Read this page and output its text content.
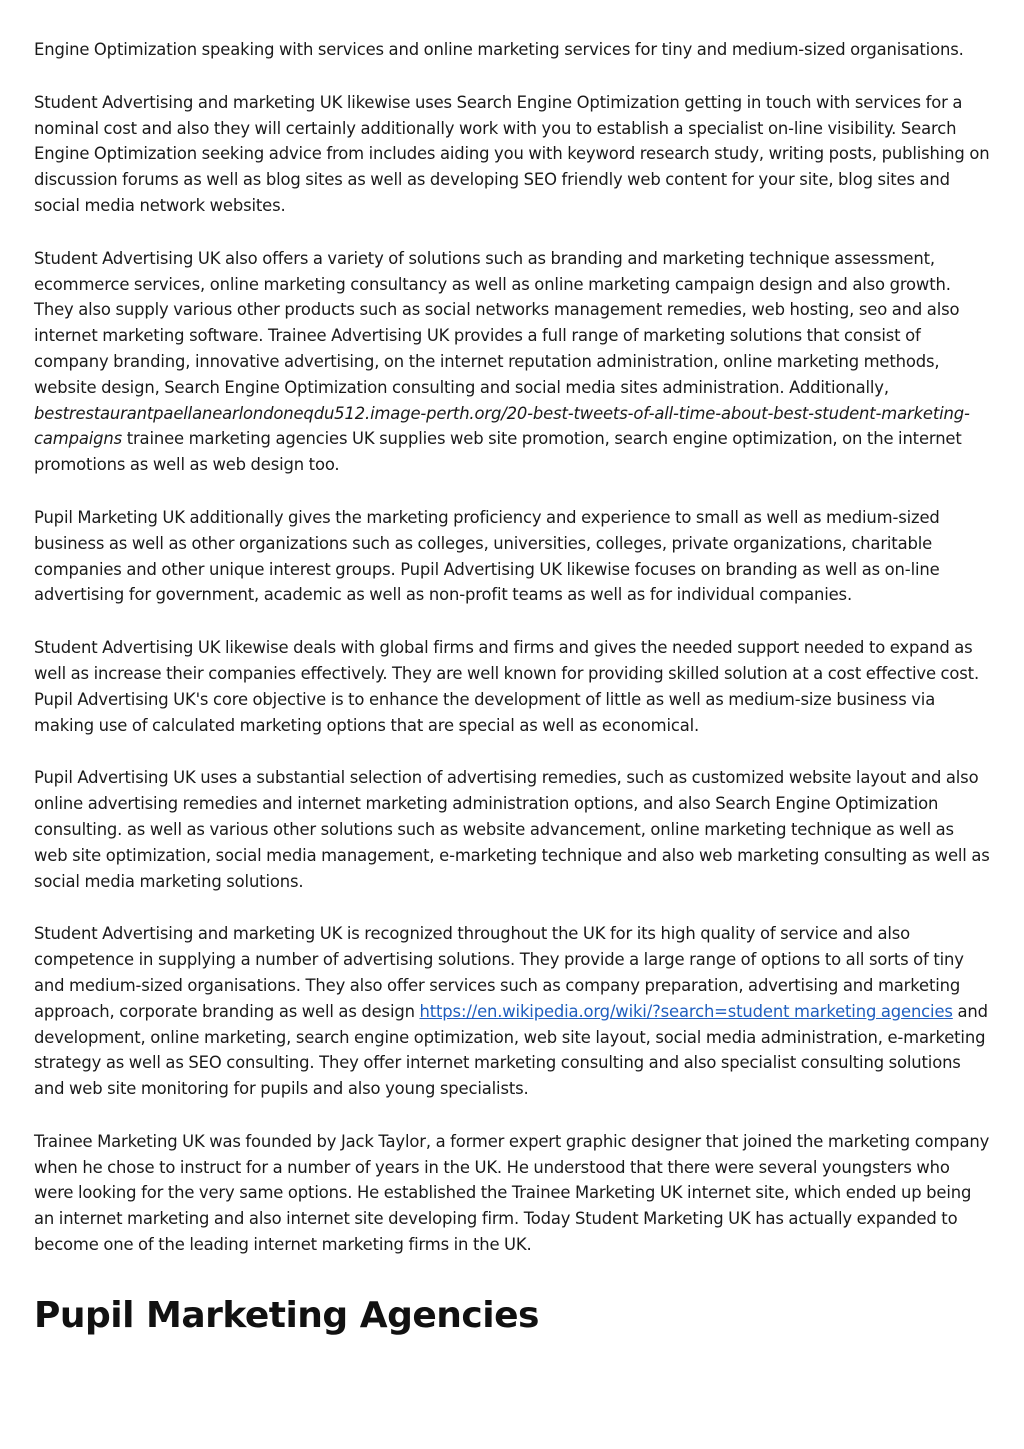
Engine Optimization speaking with services and online marketing services for tiny and medium-sized organisations.

Student Advertising and marketing UK likewise uses Search Engine Optimization getting in touch with services for a nominal cost and also they will certainly additionally work with you to establish a specialist on-line visibility. Search Engine Optimization seeking advice from includes aiding you with keyword research study, writing posts, publishing on discussion forums as well as blog sites as well as developing SEO friendly web content for your site, blog sites and social media network websites.

Student Advertising UK also offers a variety of solutions such as branding and marketing technique assessment, ecommerce services, online marketing consultancy as well as online marketing campaign design and also growth. They also supply various other products such as social networks management remedies, web hosting, seo and also internet marketing software. Trainee Advertising UK provides a full range of marketing solutions that consist of company branding, innovative advertising, on the internet reputation administration, online marketing methods, website design, Search Engine Optimization consulting and social media sites administration. Additionally, bestrestaurantpaellanearlondoneqdu512.image-perth.org/20-best-tweets-of-all-time-about-best-student-marketing-campaigns trainee marketing agencies UK supplies web site promotion, search engine optimization, on the internet promotions as well as web design too.

Pupil Marketing UK additionally gives the marketing proficiency and experience to small as well as medium-sized business as well as other organizations such as colleges, universities, colleges, private organizations, charitable companies and other unique interest groups. Pupil Advertising UK likewise focuses on branding as well as on-line advertising for government, academic as well as non-profit teams as well as for individual companies.

Student Advertising UK likewise deals with global firms and firms and gives the needed support needed to expand as well as increase their companies effectively. They are well known for providing skilled solution at a cost effective cost. Pupil Advertising UK's core objective is to enhance the development of little as well as medium-size business via making use of calculated marketing options that are special as well as economical.

Pupil Advertising UK uses a substantial selection of advertising remedies, such as customized website layout and also online advertising remedies and internet marketing administration options, and also Search Engine Optimization consulting. as well as various other solutions such as website advancement, online marketing technique as well as web site optimization, social media management, e-marketing technique and also web marketing consulting as well as social media marketing solutions.

Student Advertising and marketing UK is recognized throughout the UK for its high quality of service and also competence in supplying a number of advertising solutions. They provide a large range of options to all sorts of tiny and medium-sized organisations. They also offer services such as company preparation, advertising and marketing approach, corporate branding as well as design https://en.wikipedia.org/wiki/?search=student marketing agencies and development, online marketing, search engine optimization, web site layout, social media administration, e-marketing strategy as well as SEO consulting. They offer internet marketing consulting and also specialist consulting solutions and web site monitoring for pupils and also young specialists.

Trainee Marketing UK was founded by Jack Taylor, a former expert graphic designer that joined the marketing company when he chose to instruct for a number of years in the UK. He understood that there were several youngsters who were looking for the very same options. He established the Trainee Marketing UK internet site, which ended up being an internet marketing and also internet site developing firm. Today Student Marketing UK has actually expanded to become one of the leading internet marketing firms in the UK.

Pupil Marketing Agencies
